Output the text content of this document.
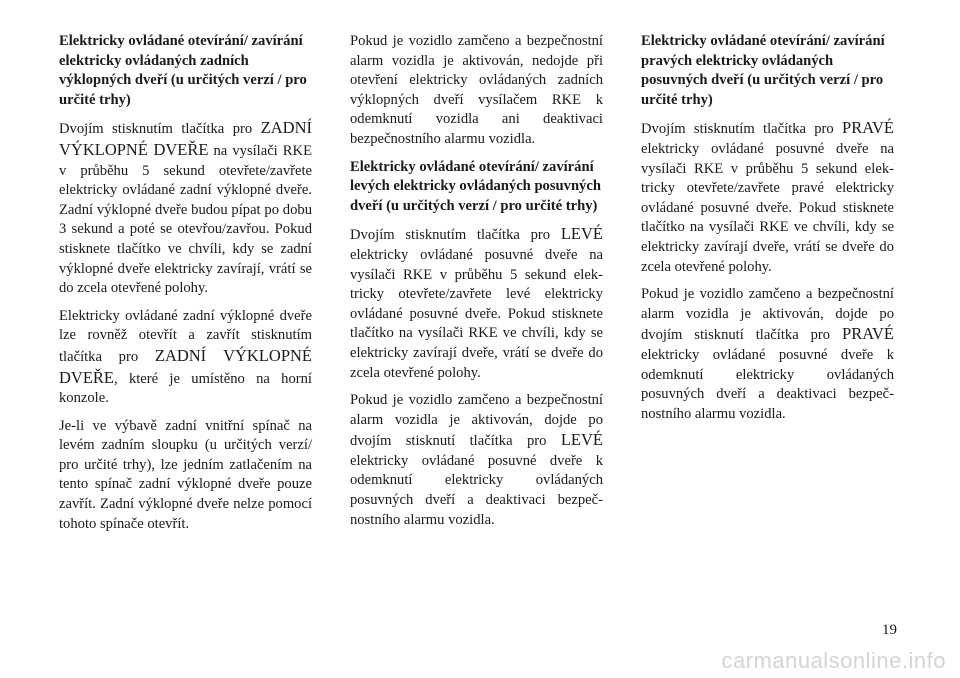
Elektricky ovládané otevírání/ zavírání elektricky ovládaných zadních výklopných dveří (u určitých verzí / pro určité trhy)

Dvojím stisknutím tlačítka pro ZADNÍ VÝKLOPNÉ DVEŘE na vysílači RKE v průběhu 5 sekund otevřete/zavřete elektricky ovládané zadní výklopné dveře. Zadní výklopné dveře budou pípat po dobu 3 sekund a poté se otevřou/zavřou. Pokud stisknete tlačítko ve chvíli, kdy se zadní výklopné dveře elektricky zavírají, vrátí se do zcela otevřené polohy.

Elektricky ovládané zadní výklopné dveře lze rovněž otevřít a zavřít stisknutím tlačítka pro ZADNÍ VÝKLOPNÉ DVEŘE, které je umístěno na horní konzole.

Je-li ve výbavě zadní vnitřní spínač na levém zadním sloupku (u určitých verzí/ pro určité trhy), lze jedním zatlačením na tento spínač zadní výklopné dveře pouze zavřít. Zadní výklopné dveře nelze pomocí tohoto spínače otevřít.

Pokud je vozidlo zamčeno a bezpečnostní alarm vozidla je aktivován, nedojde při otevření elektricky ovládaných zadních výklopných dveří vysílačem RKE k odemknutí vozidla ani deaktivaci bezpečnostního alarmu vozidla.

Elektricky ovládané otevírání/ zavírání levých elektricky ovládaných posuvných dveří (u určitých verzí / pro určité trhy)

Dvojím stisknutím tlačítka pro LEVÉ elektricky ovládané posuvné dveře na vysílači RKE v průběhu 5 sekund elektricky otevřete/zavřete levé elektricky ovládané posuvné dveře. Pokud stisknete tlačítko na vysílači RKE ve chvíli, kdy se elektricky zavírají dveře, vrátí se dveře do zcela otevřené polohy.

Pokud je vozidlo zamčeno a bezpečnostní alarm vozidla je aktivován, dojde po dvojím stisknutí tlačítka pro LEVÉ elektricky ovládané posuvné dveře k odemknutí elektricky ovládaných posuvných dveří a deaktivaci bezpečnostního alarmu vozidla.

Elektricky ovládané otevírání/ zavírání pravých elektricky ovládaných posuvných dveří (u určitých verzí / pro určité trhy)

Dvojím stisknutím tlačítka pro PRAVÉ elektricky ovládané posuvné dveře na vysílači RKE v průběhu 5 sekund elektricky otevřete/zavřete pravé elektricky ovládané posuvné dveře. Pokud stisknete tlačítko na vysílači RKE ve chvíli, kdy se elektricky zavírají dveře, vrátí se dveře do zcela otevřené polohy.

Pokud je vozidlo zamčeno a bezpečnostní alarm vozidla je aktivován, dojde po dvojím stisknutí tlačítka pro PRAVÉ elektricky ovládané posuvné dveře k odemknutí elektricky ovládaných posuvných dveří a deaktivaci bezpečnostního alarmu vozidla.

19
carmanualsonline.info
